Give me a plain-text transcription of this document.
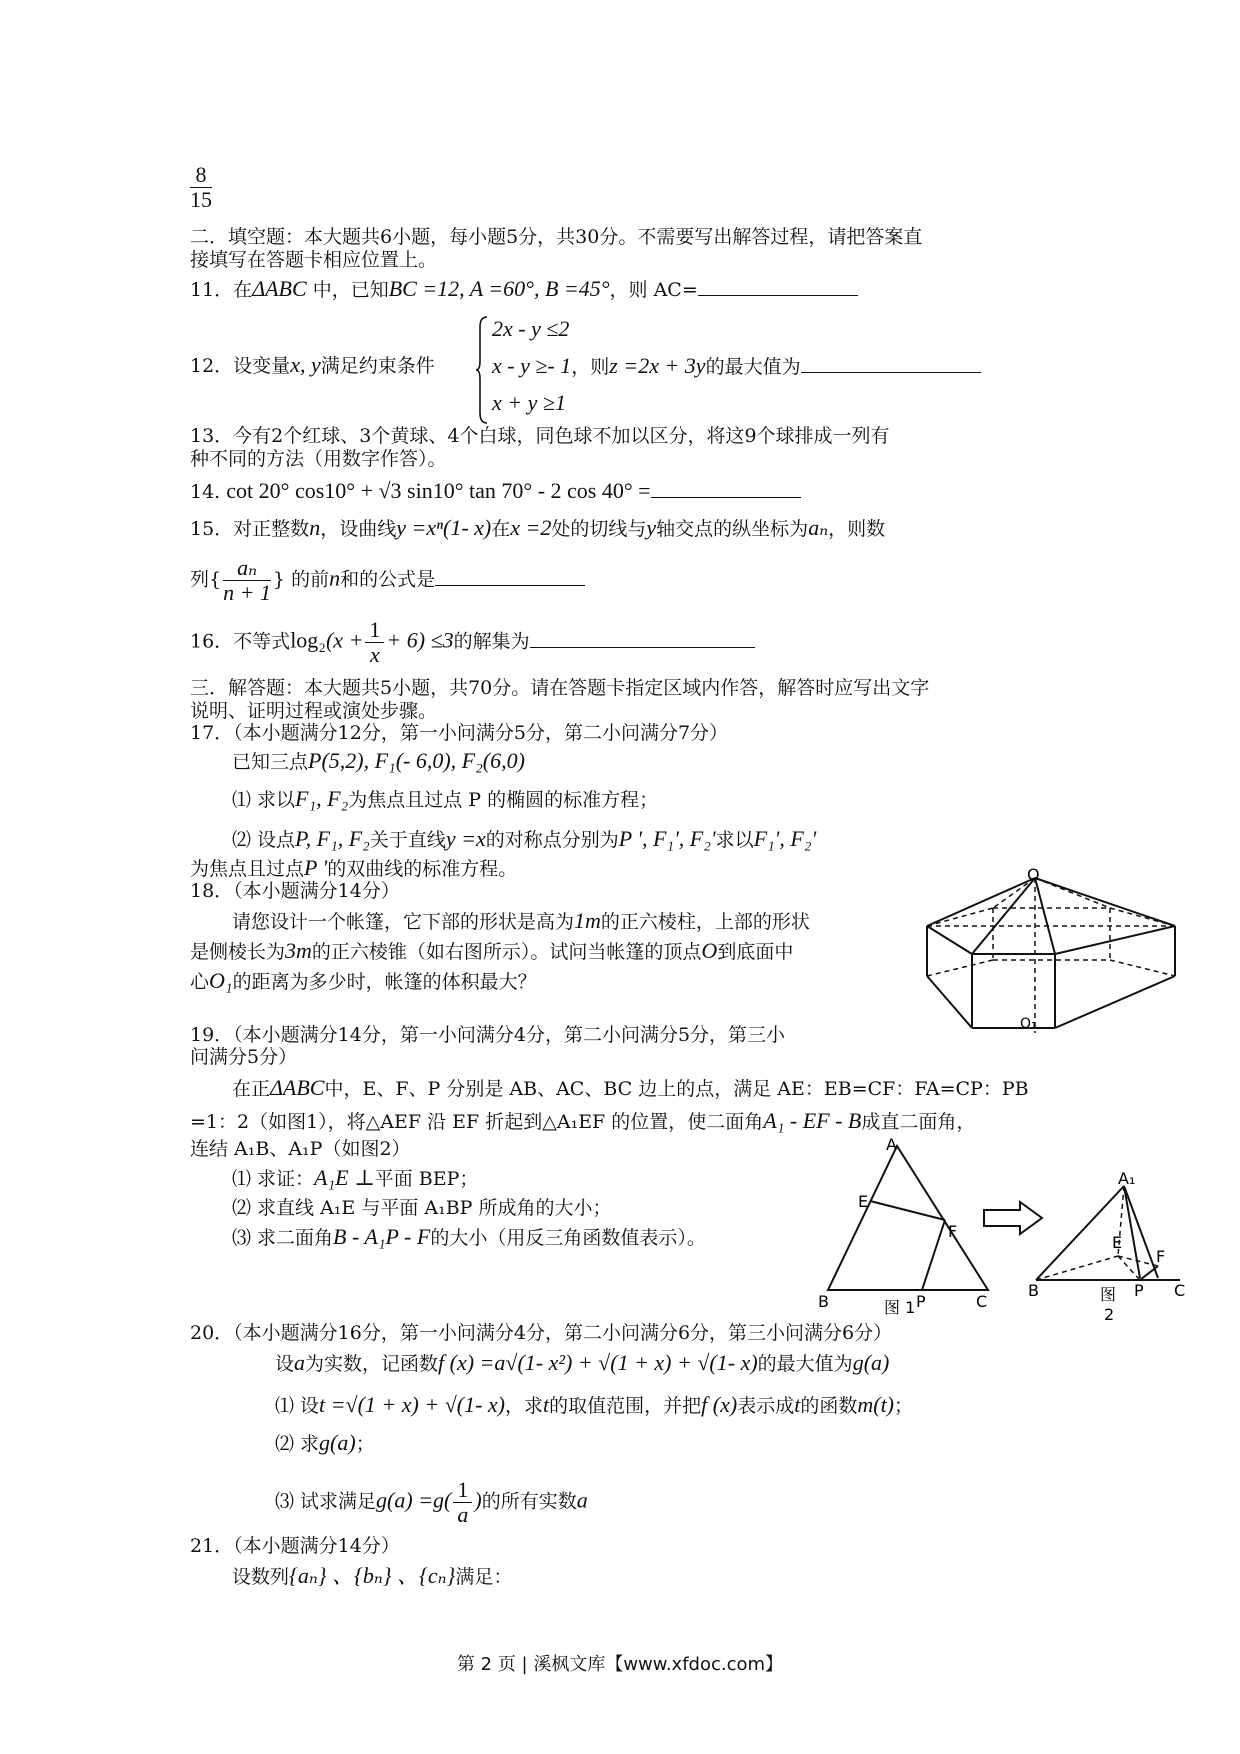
$\frac{8}{15}$
二．填空题：本大题共6小题，每小题5分，共30分。不需要写出解答过程，请把答案直
接填写在答题卡相应位置上。
11．在ΔABC 中，已知BC =12, A =60°, B =45°，则 AC=
12．设变量x, y满足约束条件
2x - y ≤2
x - y ≥- 1，则z =2x + 3y的最大值为
x + y ≥1
13．今有2个红球、3个黄球、4个白球，同色球不加以区分，将这9个球排成一列有
种不同的方法（用数字作答）。
14. cot 20° cos10° + √3 sin10° tan 70° - 2 cos 40° =
15．对正整数n，设曲线y =xⁿ(1- x)在x =2处的切线与y轴交点的纵坐标为aₙ，则数
列{ $\frac{\text{aₙ}}{n + 1}$ } 的前n和的公式是
16．不等式$\log_2(x + \frac{1}{x} + 6) \le 3$的解集为
三．解答题：本大题共5小题，共70分。请在答题卡指定区域内作答，解答时应写出文字
说明、证明过程或演处步骤。
17．（本小题满分12分，第一小问满分5分，第二小问满分7分）
已知三点P(5,2), F₁(- 6,0), F₂(6,0)
⑴ 求以F₁, F₂为焦点且过点 P 的椭圆的标准方程；
⑵ 设点P, F₁, F₂关于直线y =x的对称点分别为P ', F₁', F₂'求以F₁', F₂'
为焦点且过点P '的双曲线的标准方程。
18．（本小题满分14分）
请您设计一个帐篷，它下部的形状是高为1m的正六棱柱，上部的形状
是侧棱长为3m的正六棱锥（如右图所示）。试问当帐篷的顶点O到底面中
心O₁的距离为多少时，帐篷的体积最大？
O
O₁
19．（本小题满分14分，第一小问满分4分，第二小问满分5分，第三小
问满分5分）
在正ΔABC中，E、F、P 分别是 AB、AC、BC 边上的点，满足 AE：EB=CF：FA=CP：PB
=1：2（如图1），将△AEF 沿 EF 折起到△A₁EF 的位置，使二面角A₁ - EF - B成直二面角，
连结 A₁B、A₁P（如图2）
⑴ 求证：A₁E ⊥平面 BEP；
⑵ 求直线 A₁E 与平面 A₁BP 所成角的大小；
⑶ 求二面角B - A₁P - F的大小（用反三角函数值表示）。
A
E
F
B	P	C
图 1
A₁
E
F
B	P C
图
2
20．（本小题满分16分，第一小问满分4分，第二小问满分6分，第三小问满分6分）
设a为实数，记函数f (x) =a√(1- x²) + √(1 + x) + √(1- x)的最大值为g(a)
⑴ 设t =√(1 + x) + √(1- x)，求t的取值范围，并把f (x)表示成t的函数m(t)；
⑵ 求g(a)；
⑶ 试求满足$g(a) =g( \frac{1}{a}$ )的所有实数a
21．（本小题满分14分）
设数列{aₙ} 、{bₙ} 、{cₙ}满足：
第 2 页 | 溪枫文库【www.xfdoc.com】
